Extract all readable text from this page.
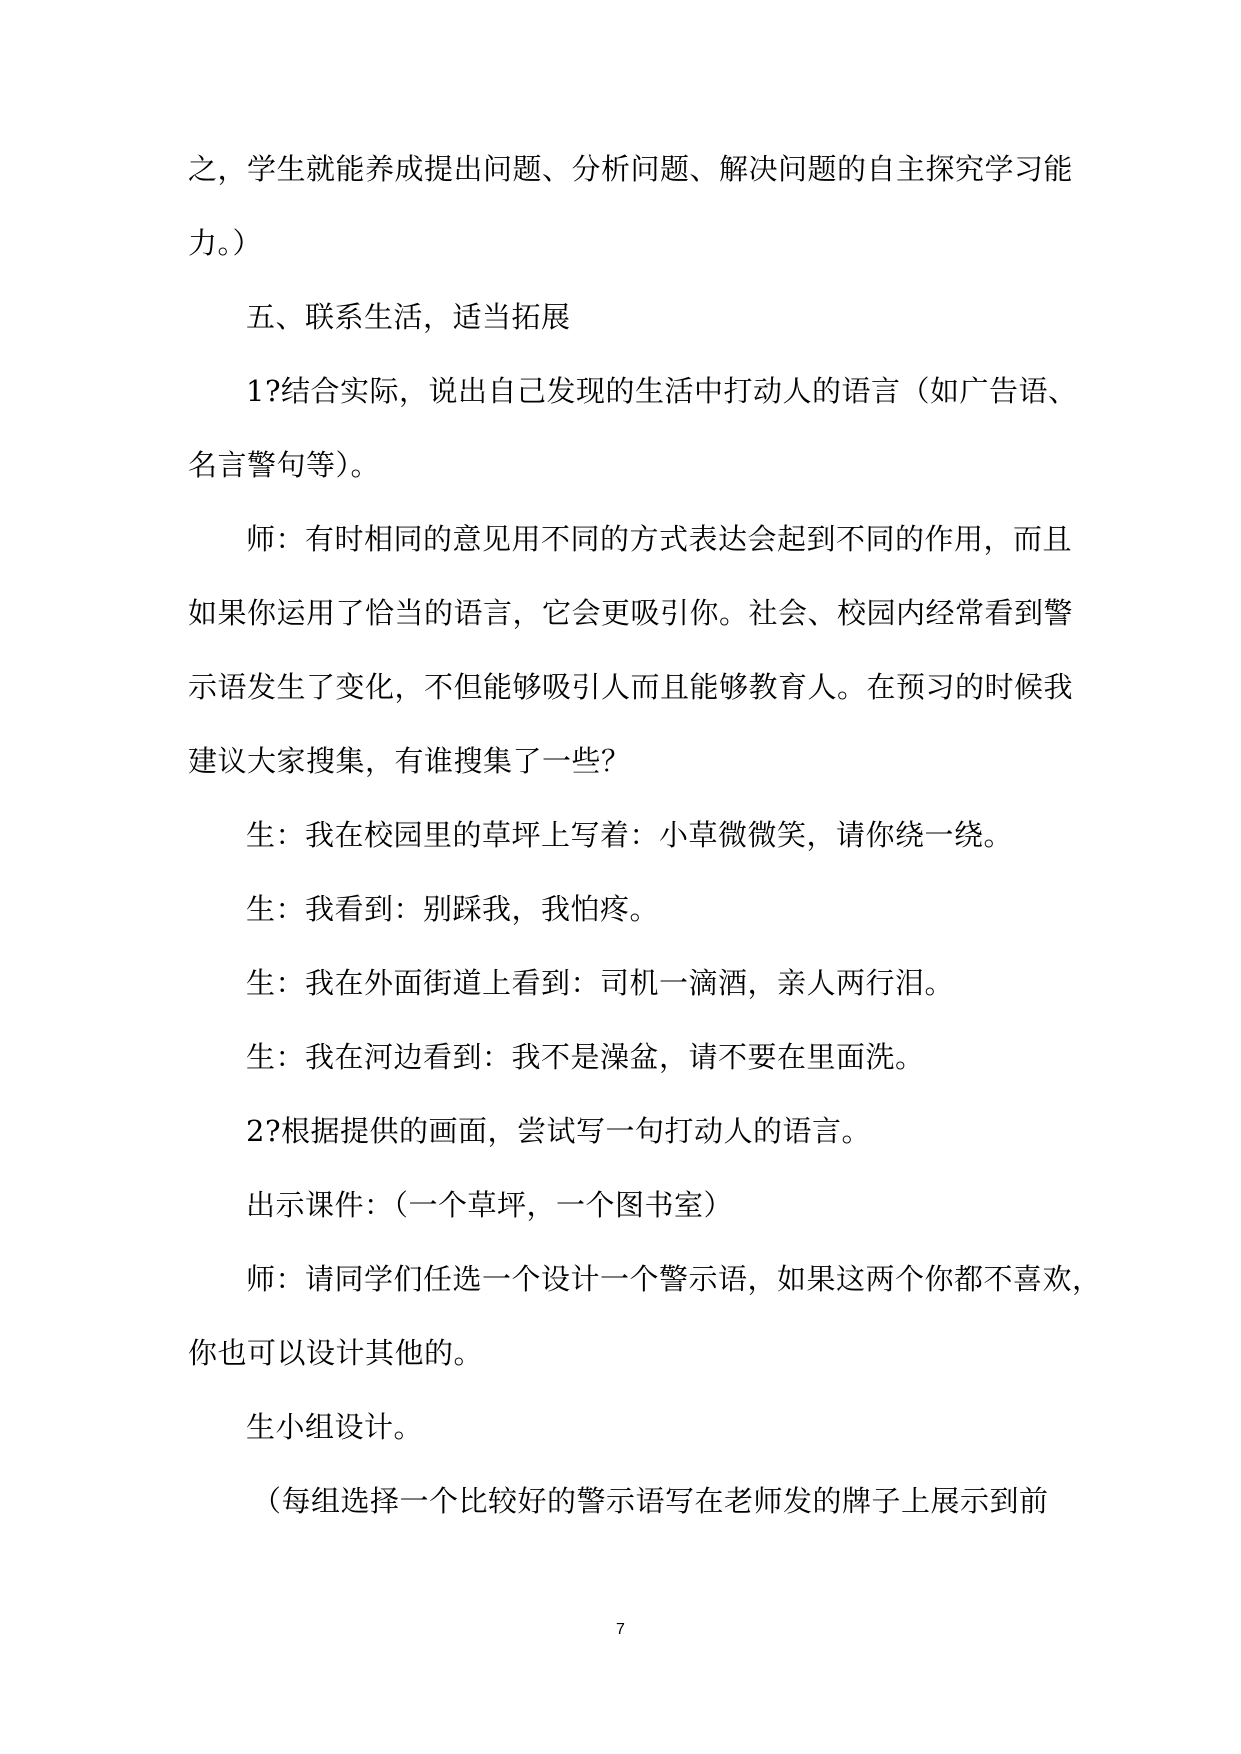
之，学生就能养成提出问题、分析问题、解决问题的自主探究学习能
力。）
五、联系生活，适当拓展
1?结合实际，说出自己发现的生活中打动人的语言（如广告语、
名言警句等）。
师：有时相同的意见用不同的方式表达会起到不同的作用，而且
如果你运用了恰当的语言，它会更吸引你。社会、校园内经常看到警
示语发生了变化，不但能够吸引人而且能够教育人。在预习的时候我
建议大家搜集，有谁搜集了一些？
生：我在校园里的草坪上写着：小草微微笑，请你绕一绕。
生：我看到：别踩我，我怕疼。
生：我在外面街道上看到：司机一滴酒，亲人两行泪。
生：我在河边看到：我不是澡盆，请不要在里面洗。
2?根据提供的画面，尝试写一句打动人的语言。
出示课件：（一个草坪，一个图书室）
师：请同学们任选一个设计一个警示语，如果这两个你都不喜欢，
你也可以设计其他的。
生小组设计。
（每组选择一个比较好的警示语写在老师发的牌子上展示到前
7
